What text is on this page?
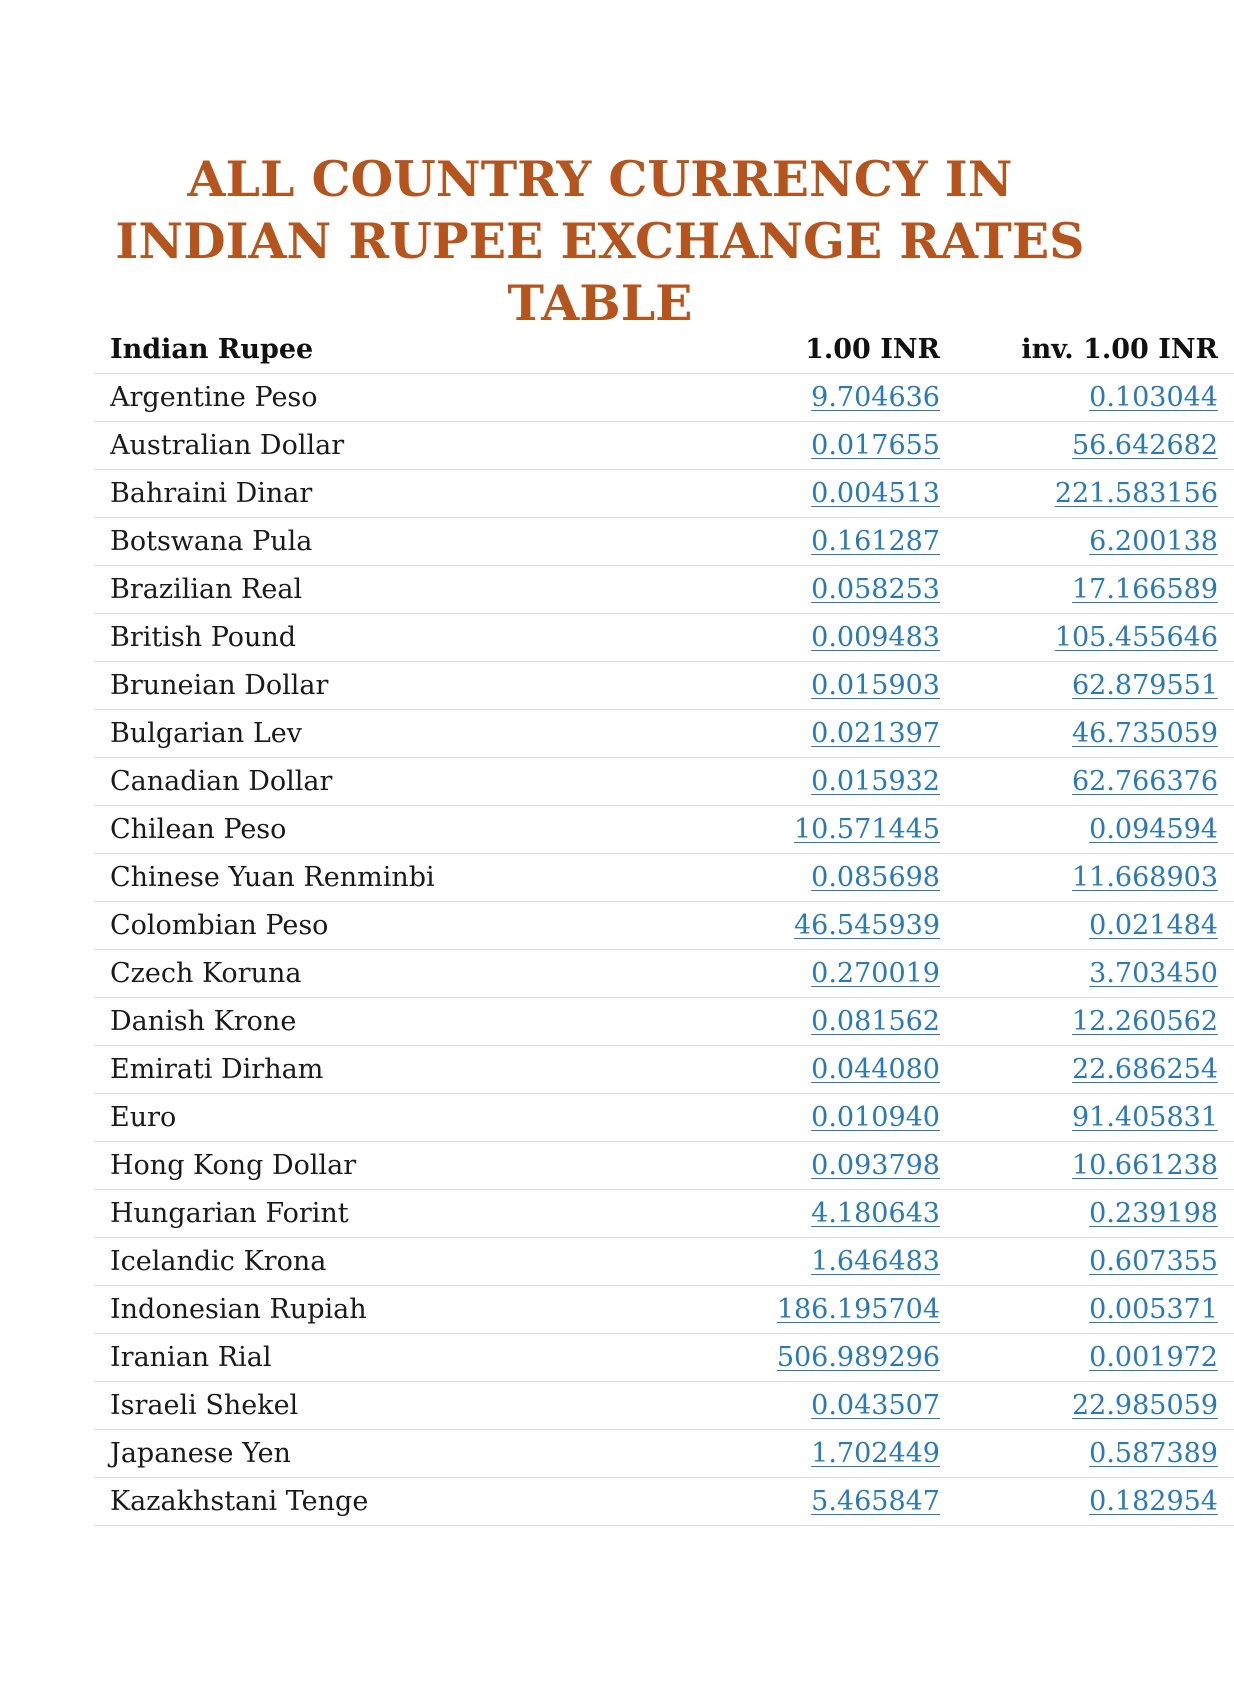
ALL COUNTRY CURRENCY IN INDIAN RUPEE EXCHANGE RATES TABLE
Indian Rupee	1.00 INR	inv. 1.00 INR
Argentine Peso	9.704636	0.103044
Australian Dollar	0.017655	56.642682
Bahraini Dinar	0.004513	221.583156
Botswana Pula	0.161287	6.200138
Brazilian Real	0.058253	17.166589
British Pound	0.009483	105.455646
Bruneian Dollar	0.015903	62.879551
Bulgarian Lev	0.021397	46.735059
Canadian Dollar	0.015932	62.766376
Chilean Peso	10.571445	0.094594
Chinese Yuan Renminbi	0.085698	11.668903
Colombian Peso	46.545939	0.021484
Czech Koruna	0.270019	3.703450
Danish Krone	0.081562	12.260562
Emirati Dirham	0.044080	22.686254
Euro	0.010940	91.405831
Hong Kong Dollar	0.093798	10.661238
Hungarian Forint	4.180643	0.239198
Icelandic Krona	1.646483	0.607355
Indonesian Rupiah	186.195704	0.005371
Iranian Rial	506.989296	0.001972
Israeli Shekel	0.043507	22.985059
Japanese Yen	1.702449	0.587389
Kazakhstani Tenge	5.465847	0.182954
